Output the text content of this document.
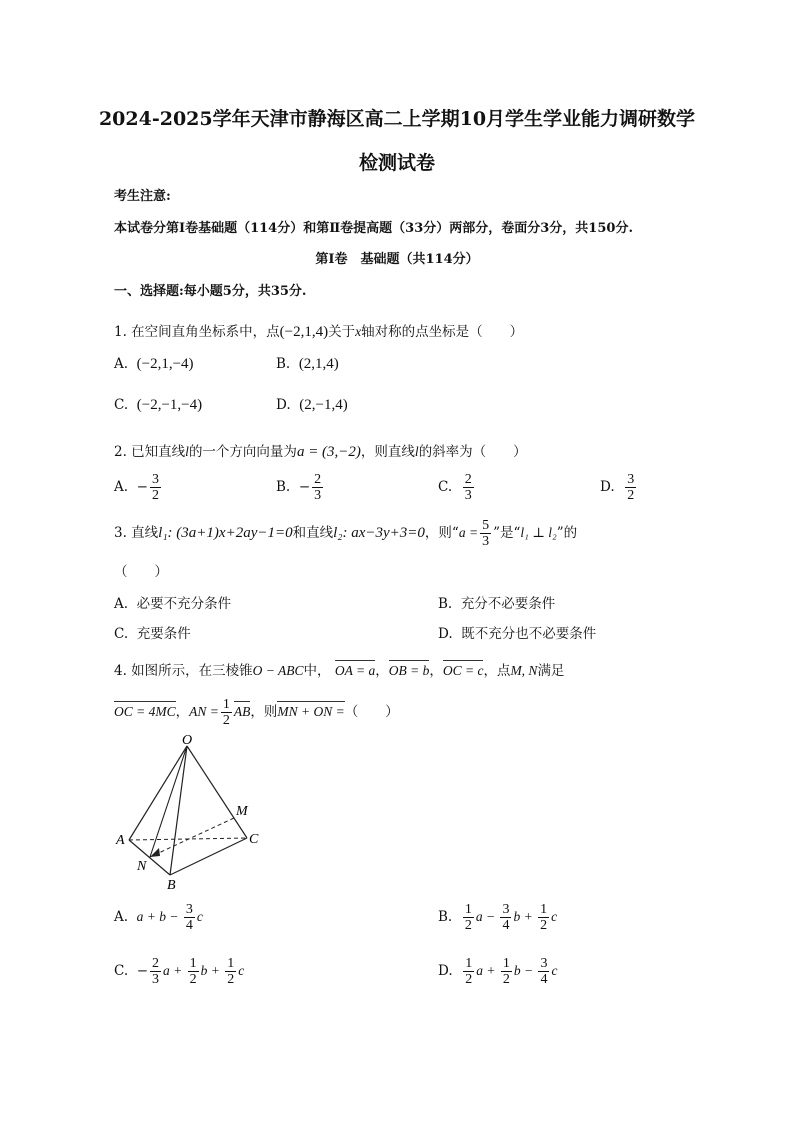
2024-2025学年天津市静海区高二上学期10月学生学业能力调研数学
检测试卷
考生注意:
本试卷分第Ⅰ卷基础题（114分）和第Ⅱ卷提高题（33分）两部分，卷面分3分，共150分.
第Ⅰ卷　基础题（共114分）
一、选择题:每小题5分，共35分.
1. 在空间直角坐标系中，点(−2,1,4)关于x轴对称的点坐标是（　　）
A. (−2,1,−4)	B. (2,1,4)
C. (−2,−1,−4)	D. (2,−1,4)
2. 已知直线l的一个方向向量为a = (3,−2)，则直线l的斜率为（　　）
A. − $\frac{3}{2}$	B. − $\frac{2}{3}$	C. $\frac{2}{3}$	D. $\frac{3}{2}$
3. 直线l₁: (3a+1)x+2ay−1=0和直线l₂: ax−3y+3=0，则“$a = \frac{5}{3}$ ”是“l₁ ⊥ l₂”的
（　　）
A. 必要不充分条件	B. 充分不必要条件
C. 充要条件	D. 既不充分也不必要条件
4. 如图所示，在三棱锥O − ABC中， OA = a，OB = b，OC = c，点M, N满足
OC = 4MC，AN = $\frac{1}{2}$ AB，则MN + ON =（　　）
O
A
B
C
M
N
A. $a + b - \frac{3}{4}$ c	B. $\frac{1}{2}$ $a - \frac{3}{4}$ $b + \frac{1}{2}$ c
C. − $\frac{2}{3}$ $a + \frac{1}{2}$ $b + \frac{1}{2}$ c	D. $\frac{1}{2}$ $a + \frac{1}{2}$ $b - \frac{3}{4}$ c
